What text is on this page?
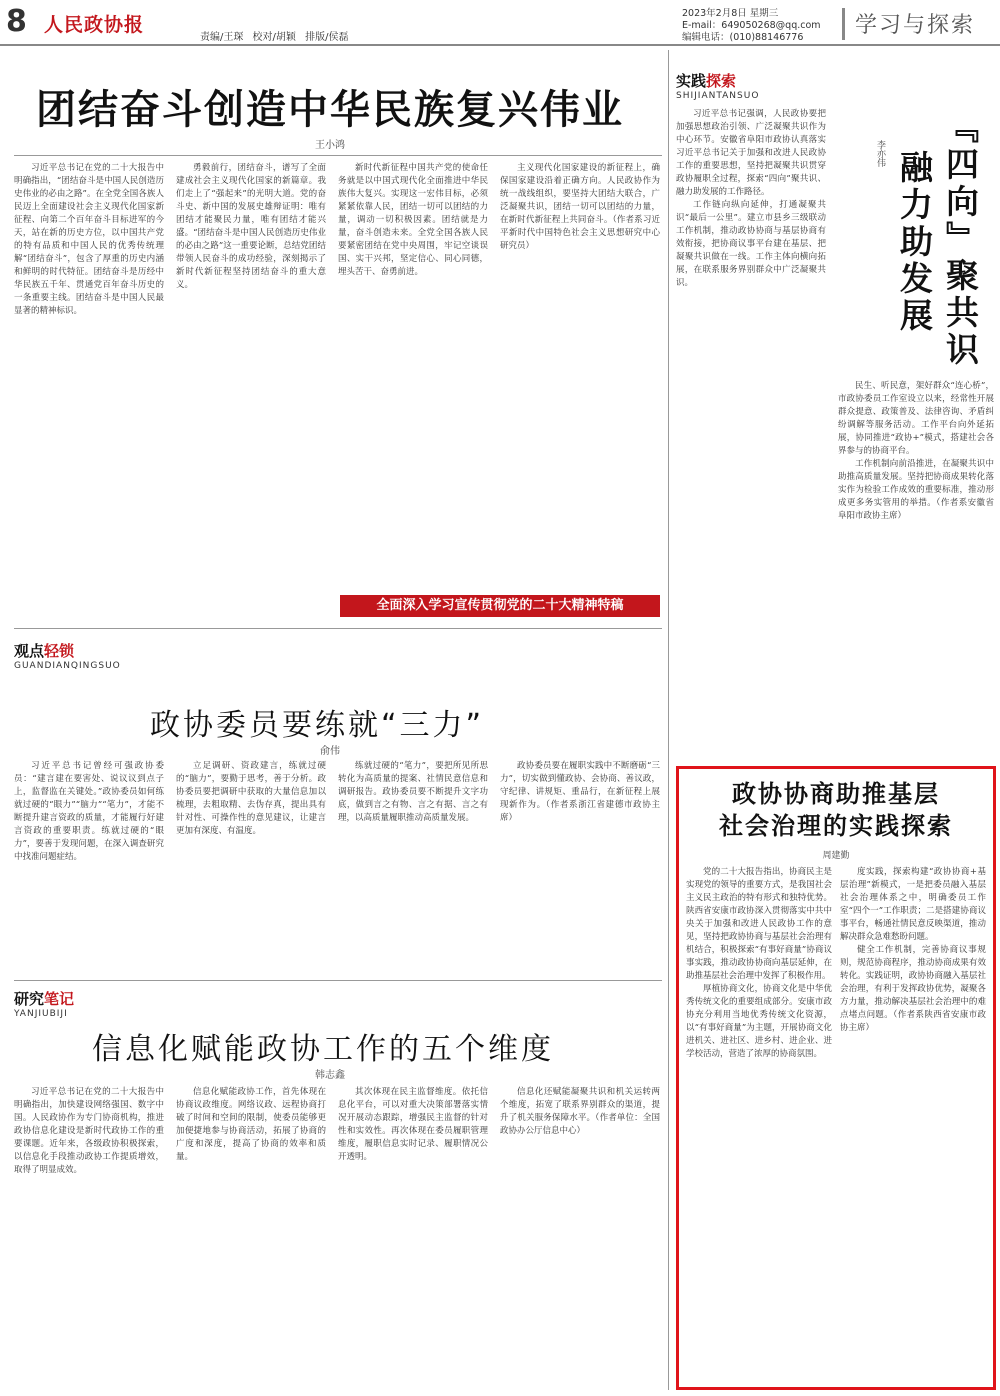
8 人民政协报
责编/王琛 校对/胡颖 排版/侯磊
2023年2月8日 星期三
E-mail：649050268@qq.com
编辑电话：(010)88146776	学习与探索
团结奋斗创造中华民族复兴伟业
王小鸿

习近平总书记在党的二十大报告中明确指出，“团结奋斗是中国人民创造历史伟业的必由之路”。在全党全国各族人民迈上全面建设社会主义现代化国家新征程、向第二个百年奋斗目标进军的今天，站在新的历史方位，以中国共产党的特有品质和中国人民的优秀传统理解“团结奋斗”，包含了厚重的历史内涵和鲜明的时代特征。团结奋斗是历经中华民族五千年、贯通党百年奋斗历史的一条重要主线。团结奋斗是中国人民最显著的精神标识。

勇毅前行，团结奋斗，谱写了全面建成社会主义现代化国家的新篇章。我们走上了“强起来”的光明大道。党的奋斗史、新中国的发展史雄辩证明：唯有团结才能聚民力量，唯有团结才能兴盛。“团结奋斗是中国人民创造历史伟业的必由之路”这一重要论断，总结党团结带领人民奋斗的成功经验，深刻揭示了新时代新征程坚持团结奋斗的重大意义。

新时代新征程中国共产党的使命任务就是以中国式现代化全面推进中华民族伟大复兴。实现这一宏伟目标，必须紧紧依靠人民，团结一切可以团结的力量，调动一切积极因素。团结就是力量，奋斗创造未来。全党全国各族人民要紧密团结在党中央周围，牢记空谈误国、实干兴邦，坚定信心、同心同德，埋头苦干、奋勇前进。

主义现代化国家建设的新征程上，确保国家建设沿着正确方向。人民政协作为统一战线组织，要坚持大团结大联合，广泛凝聚共识，团结一切可以团结的力量，在新时代新征程上共同奋斗。（作者系习近平新时代中国特色社会主义思想研究中心研究员）

全面深入学习宣传贯彻党的二十大精神特稿
观点轻锁
GUANDIANQINGSUO
政协委员要练就“三力”
俞伟

习近平总书记曾经可强政协委员：“建言建在要害处、说议议到点子上，监督监在关键处。”政协委员如何练就过硬的“眼力”“脑力”“笔力”，才能不断提升建言资政的质量，才能履行好建言资政的重要职责。练就过硬的“眼力”，要善于发现问题，在深入调查研究中找准问题症结。

立足调研、资政建言，练就过硬的“脑力”，要勤于思考，善于分析。政协委员要把调研中获取的大量信息加以梳理，去粗取精、去伪存真，提出具有针对性、可操作性的意见建议，让建言更加有深度、有温度。

练就过硬的“笔力”，要把所见所思转化为高质量的提案、社情民意信息和调研报告。政协委员要不断提升文字功底，做到言之有物、言之有据、言之有理，以高质量履职推动高质量发展。

政协委员要在履职实践中不断磨砺“三力”，切实做到懂政协、会协商、善议政，守纪律、讲规矩、重品行，在新征程上展现新作为。（作者系浙江省建德市政协主席）

研究笔记
YANJIUBIJI
信息化赋能政协工作的五个维度
韩志鑫

习近平总书记在党的二十大报告中明确指出，加快建设网络强国、数字中国。人民政协作为专门协商机构，推进政协信息化建设是新时代政协工作的重要课题。近年来，各级政协积极探索，以信息化手段推动政协工作提质增效，取得了明显成效。

信息化赋能政协工作，首先体现在协商议政维度。网络议政、远程协商打破了时间和空间的限制，使委员能够更加便捷地参与协商活动，拓展了协商的广度和深度，提高了协商的效率和质量。

其次体现在民主监督维度。依托信息化平台，可以对重大决策部署落实情况开展动态跟踪，增强民主监督的针对性和实效性。再次体现在委员履职管理维度，履职信息实时记录、履职情况公开透明。

信息化还赋能凝聚共识和机关运转两个维度，拓宽了联系界别群众的渠道，提升了机关服务保障水平。（作者单位：全国政协办公厅信息中心）

实践探索
SHIJIANTANSUO

习近平总书记强调，人民政协要把加强思想政治引领、广泛凝聚共识作为中心环节。安徽省阜阳市政协认真落实习近平总书记关于加强和改进人民政协工作的重要思想，坚持把凝聚共识贯穿政协履职全过程，探索“四向”聚共识、融力助发展的工作路径。

工作链向纵向延伸，打通凝聚共识“最后一公里”。建立市县乡三级联动工作机制，推动政协协商与基层协商有效衔接，把协商议事平台建在基层、把凝聚共识做在一线。工作主体向横向拓展，在联系服务界别群众中广泛凝聚共识。	『四向』聚共识
融力助发展
李亦伟

民生、听民意，架好群众“连心桥”，市政协委员工作室设立以来，经常性开展群众提意、政策普及、法律咨询、矛盾纠纷调解等服务活动。工作平台向外延拓展，协同推进“政协+”模式，搭建社会各界参与的协商平台。

工作机制向前沿推进，在凝聚共识中助推高质量发展。坚持把协商成果转化落实作为检验工作成效的重要标准，推动形成更多务实管用的举措。（作者系安徽省阜阳市政协主席）

政协协商助推基层
社会治理的实践探索
周建勤

党的二十大报告指出，协商民主是实现党的领导的重要方式，是我国社会主义民主政治的特有形式和独特优势。陕西省安康市政协深入贯彻落实中共中央关于加强和改进人民政协工作的意见，坚持把政协协商与基层社会治理有机结合，积极探索“有事好商量”协商议事实践，推动政协协商向基层延伸，在助推基层社会治理中发挥了积极作用。

厚植协商文化，协商文化是中华优秀传统文化的重要组成部分。安康市政协充分利用当地优秀传统文化资源，以“有事好商量”为主题，开展协商文化进机关、进社区、进乡村、进企业、进学校活动，营造了浓厚的协商氛围。

度实践，探索构建“政协协商+基层治理”新模式，一是把委员融入基层社会治理体系之中，明确委员工作室“四个一”工作职责；二是搭建协商议事平台，畅通社情民意反映渠道，推动解决群众急难愁盼问题。

健全工作机制，完善协商议事规则，规范协商程序，推动协商成果有效转化。实践证明，政协协商融入基层社会治理，有利于发挥政协优势，凝聚各方力量，推动解决基层社会治理中的难点堵点问题。（作者系陕西省安康市政协主席）
